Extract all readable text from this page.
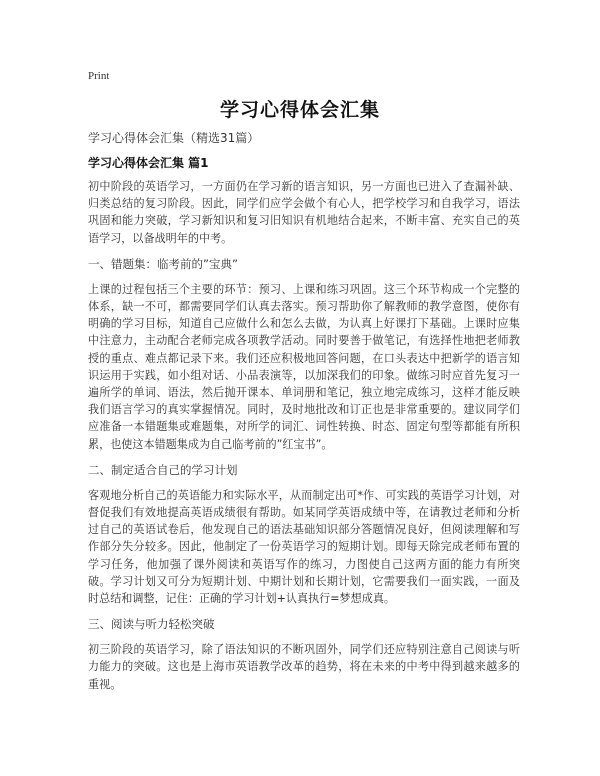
Print
学习心得体会汇集

学习心得体会汇集（精选31篇）

学习心得体会汇集 篇1

初中阶段的英语学习，一方面仍在学习新的语言知识，另一方面也已进入了查漏补缺、归类总结的复习阶段。因此，同学们应学会做个有心人，把学校学习和自我学习，语法巩固和能力突破，学习新知识和复习旧知识有机地结合起来，不断丰富、充实自己的英语学习，以备战明年的中考。

一、错题集：临考前的”宝典”

上课的过程包括三个主要的环节：预习、上课和练习巩固。这三个环节构成一个完整的体系，缺一不可，都需要同学们认真去落实。预习帮助你了解教师的教学意图，使你有明确的学习目标，知道自己应做什么和怎么去做，为认真上好课打下基础。上课时应集中注意力，主动配合老师完成各项教学活动。同时要善于做笔记，有选择性地把老师教授的重点、难点都记录下来。我们还应积极地回答问题，在口头表达中把新学的语言知识运用于实践，如小组对话、小品表演等，以加深我们的印象。做练习时应首先复习一遍所学的单词、语法，然后抛开课本、单词册和笔记，独立地完成练习，这样才能反映我们语言学习的真实掌握情况。同时，及时地批改和订正也是非常重要的。建议同学们应准备一本错题集或难题集，对所学的词汇、词性转换、时态、固定句型等都能有所积累，也使这本错题集成为自己临考前的”红宝书”。

二、制定适合自己的学习计划

客观地分析自己的英语能力和实际水平，从而制定出可*作、可实践的英语学习计划，对督促我们有效地提高英语成绩很有帮助。如某同学英语成绩中等，在请教过老师和分析过自己的英语试卷后，他发现自己的语法基础知识部分答题情况良好，但阅读理解和写作部分失分较多。因此，他制定了一份英语学习的短期计划。即每天除完成老师布置的学习任务，他加强了课外阅读和英语写作的练习，力图使自己这两方面的能力有所突破。学习计划又可分为短期计划、中期计划和长期计划，它需要我们一面实践，一面及时总结和调整，记住：正确的学习计划+认真执行=梦想成真。

三、阅读与听力轻松突破

初三阶段的英语学习，除了语法知识的不断巩固外，同学们还应特别注意自己阅读与听力能力的突破。这也是上海市英语教学改革的趋势，将在未来的中考中得到越来越多的重视。
